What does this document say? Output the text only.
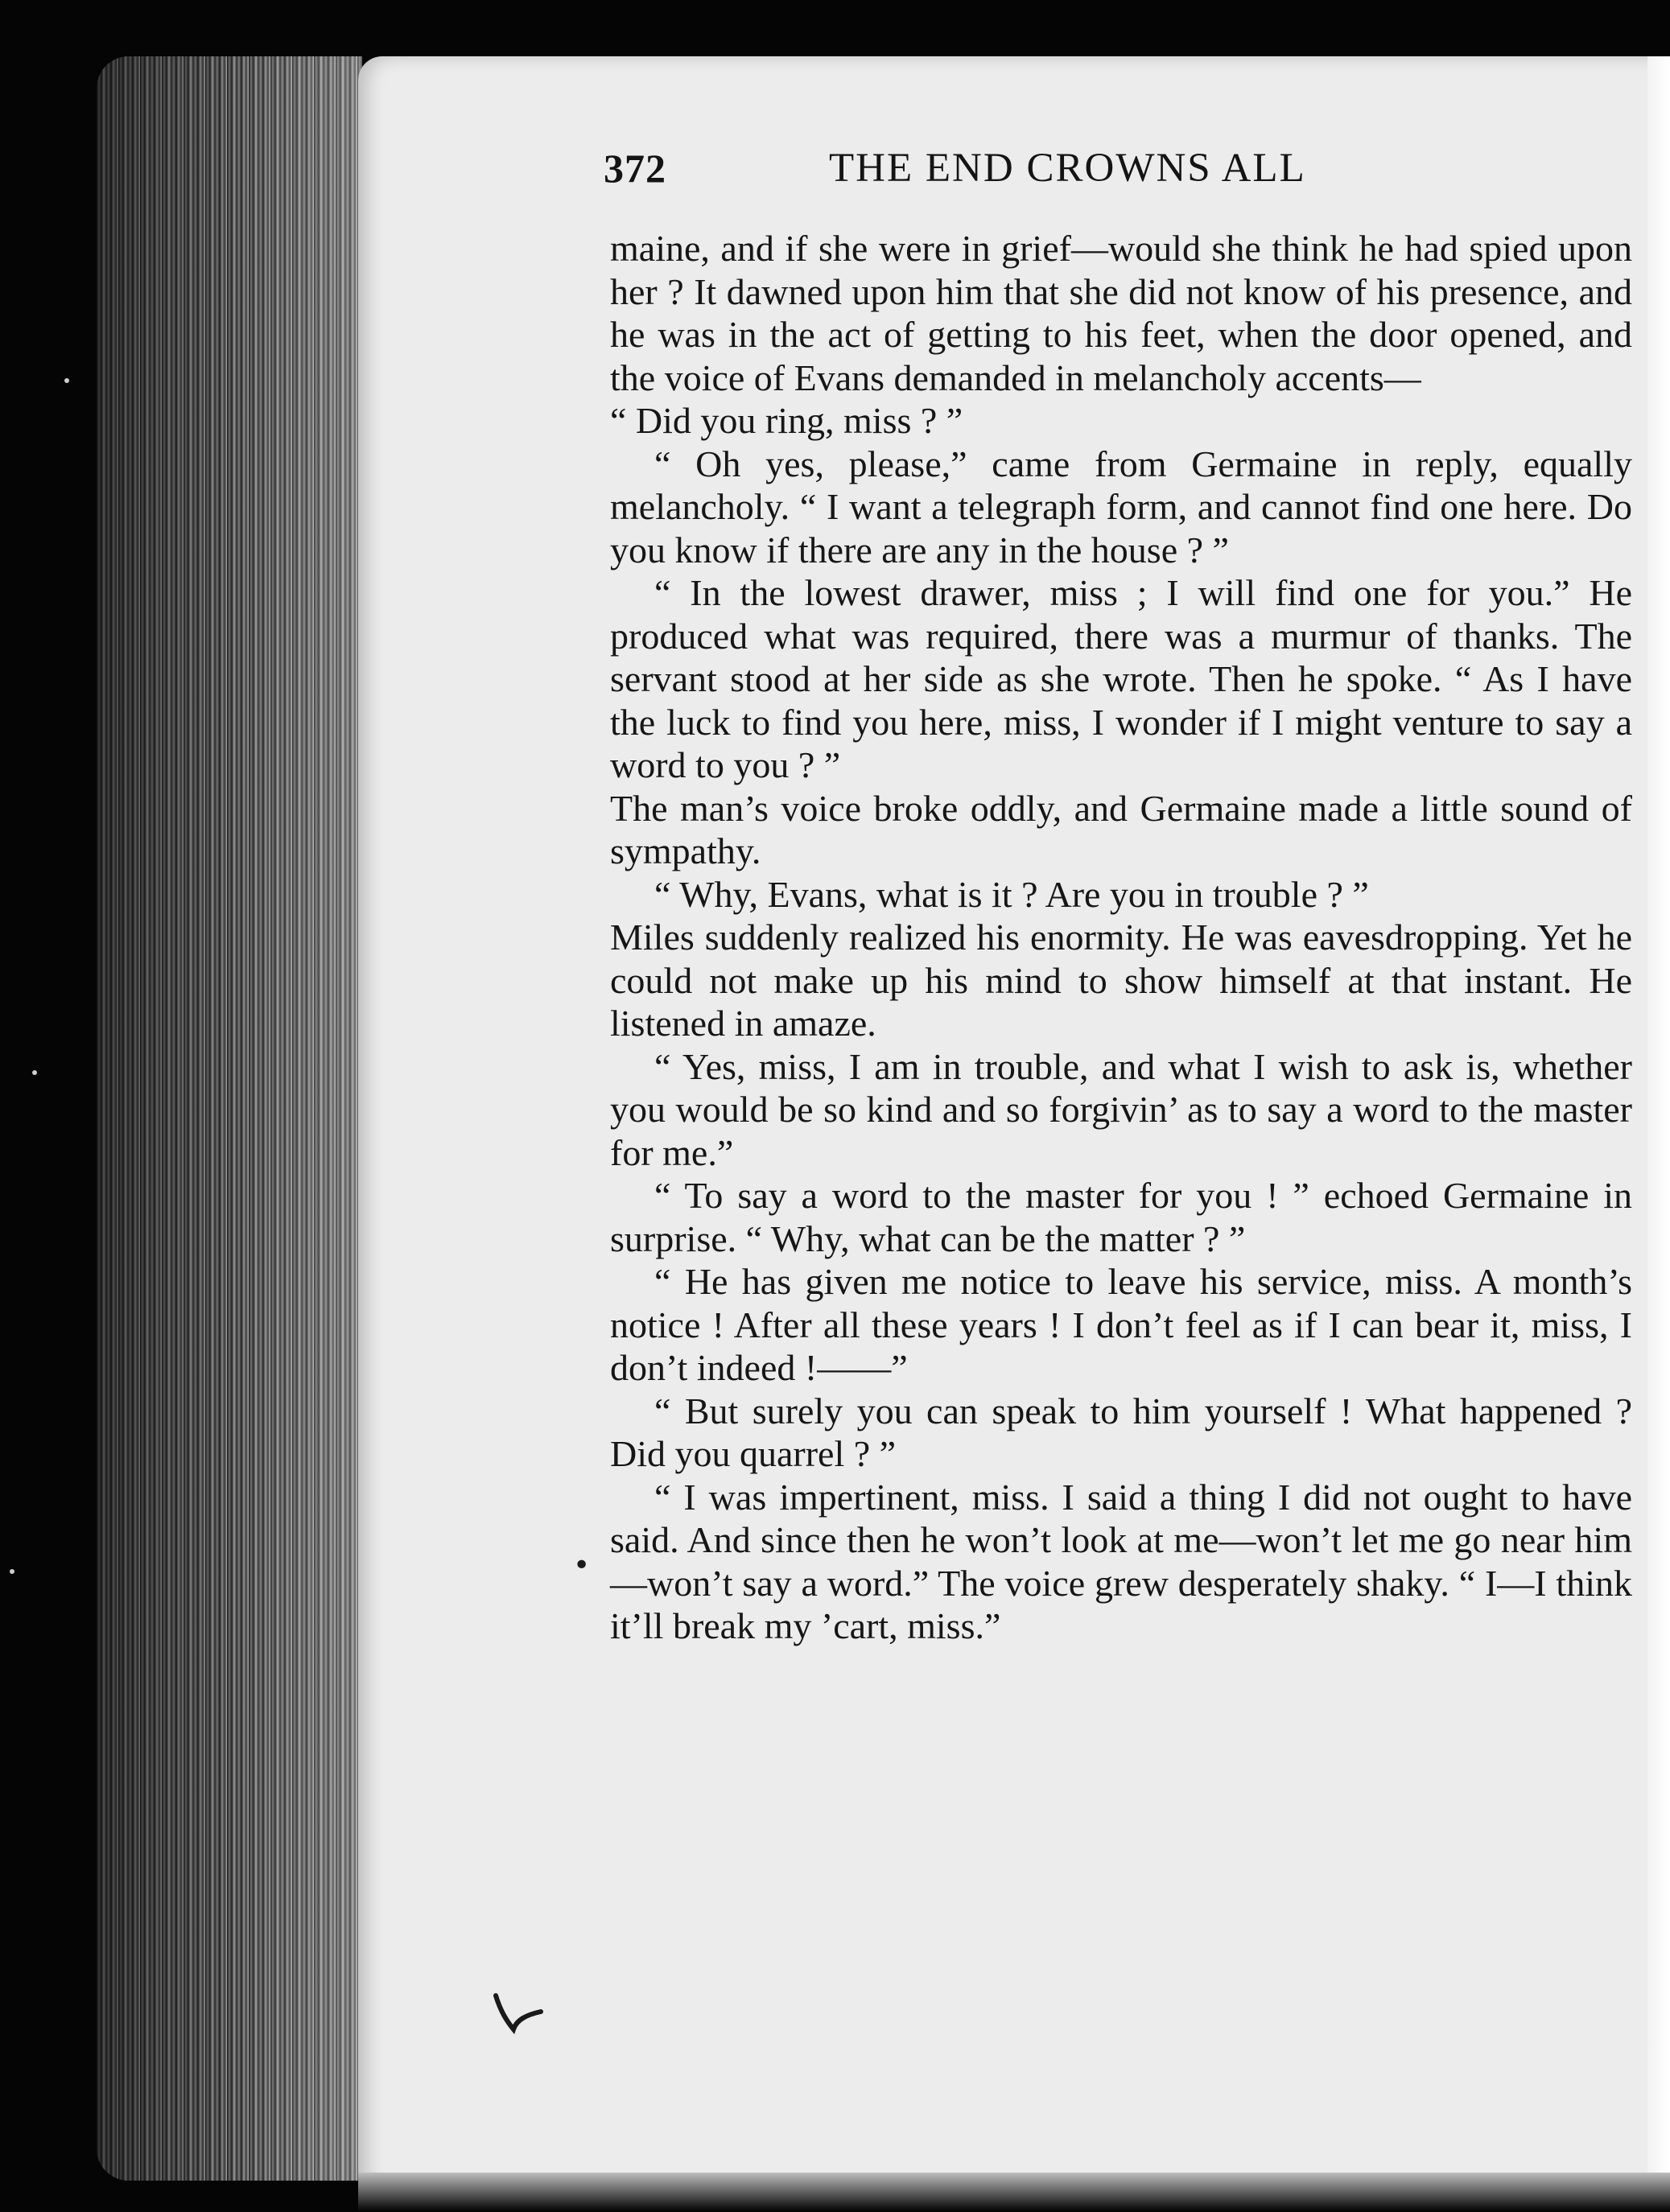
372	THE END CROWNS ALL

maine, and if she were in grief—would she think he had spied upon her ? It dawned upon him that she did not know of his presence, and he was in the act of getting to his feet, when the door opened, and the voice of Evans demanded in melancholy accents—

“ Did you ring, miss ? ”

“ Oh yes, please,” came from Germaine in reply, equally melancholy. “ I want a telegraph form, and cannot find one here. Do you know if there are any in the house ? ”

“ In the lowest drawer, miss ; I will find one for you.” He produced what was required, there was a murmur of thanks. The servant stood at her side as she wrote. Then he spoke. “ As I have the luck to find you here, miss, I wonder if I might venture to say a word to you ? ”

The man’s voice broke oddly, and Germaine made a little sound of sympathy.

“ Why, Evans, what is it ? Are you in trouble ? ”

Miles suddenly realized his enormity. He was eavesdropping. Yet he could not make up his mind to show himself at that instant. He listened in amaze.

“ Yes, miss, I am in trouble, and what I wish to ask is, whether you would be so kind and so forgivin’ as to say a word to the master for me.”

“ To say a word to the master for you ! ” echoed Germaine in surprise. “ Why, what can be the matter ? ”

“ He has given me notice to leave his service, miss. A month’s notice ! After all these years ! I don’t feel as if I can bear it, miss, I don’t indeed !——”

“ But surely you can speak to him yourself ! What happened ? Did you quarrel ? ”

“ I was impertinent, miss. I said a thing I did not ought to have said. And since then he won’t look at me—won’t let me go near him—won’t say a word.” The voice grew desperately shaky. “ I—I think it’ll break my ’cart, miss.”

•
